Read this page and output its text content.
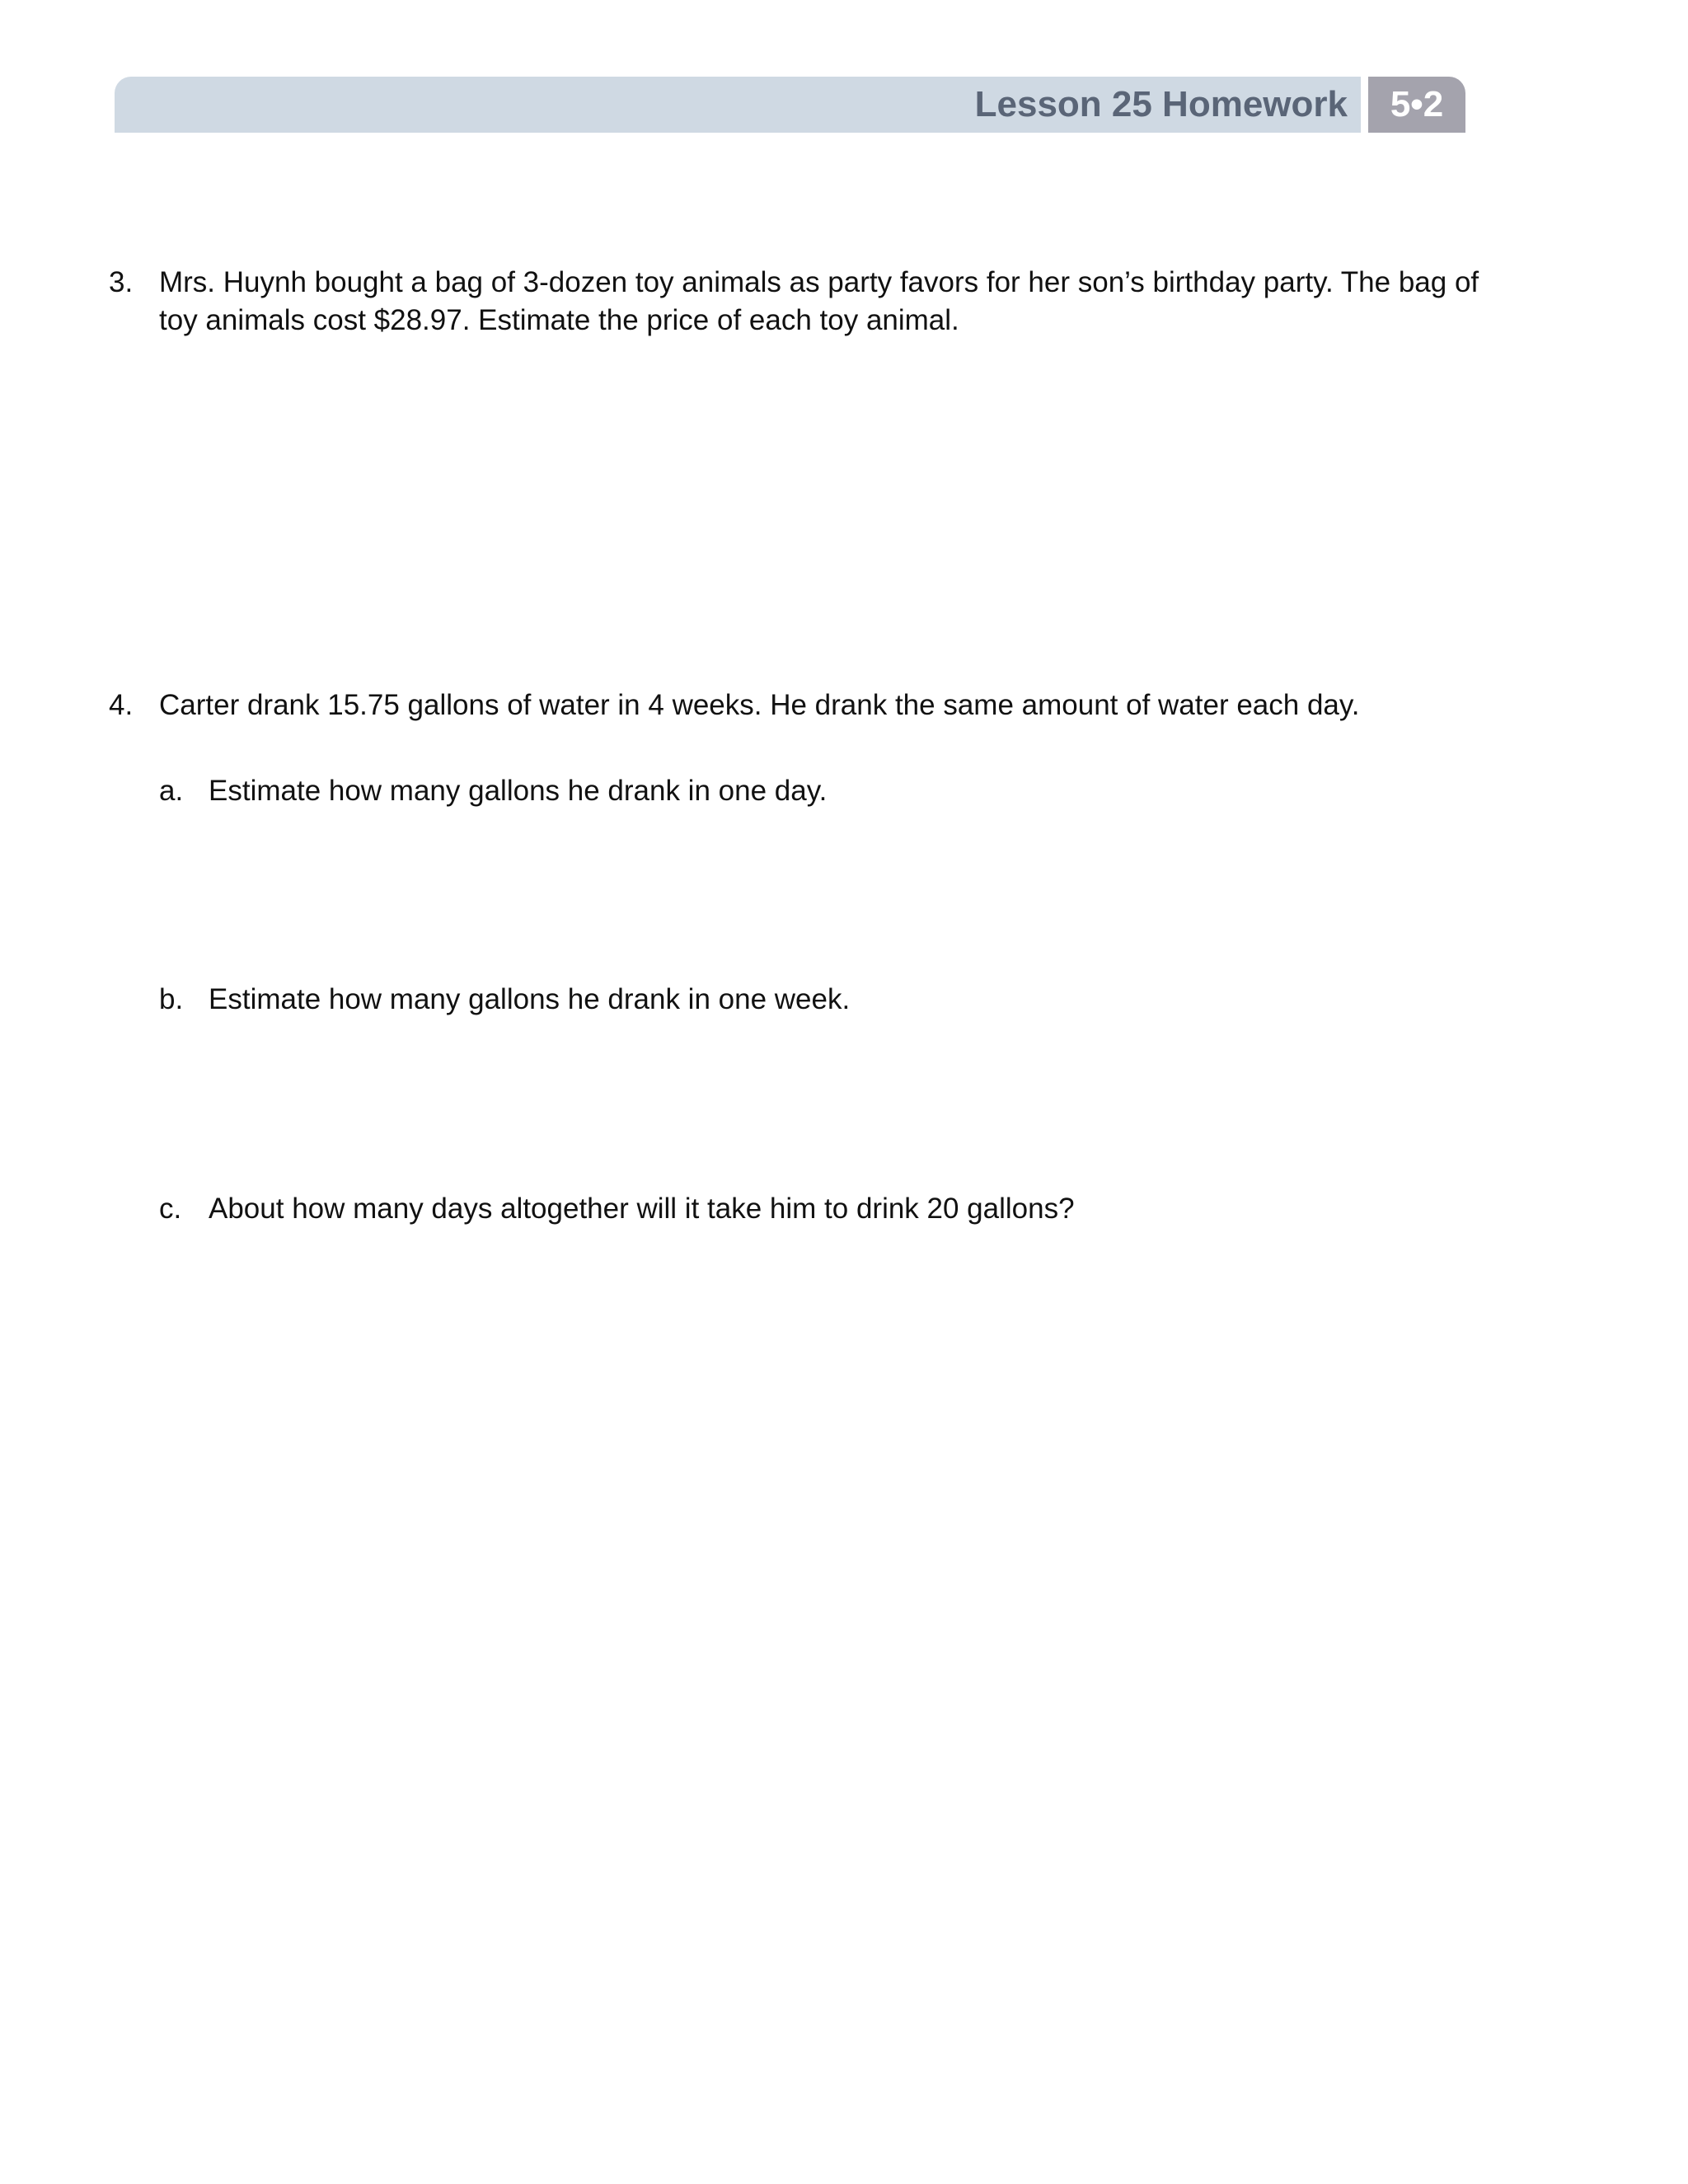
Lesson 25 Homework	5•2
3. Mrs. Huynh bought a bag of 3-dozen toy animals as party favors for her son’s birthday party. The bag of
toy animals cost $28.97. Estimate the price of each toy animal.
4. Carter drank 15.75 gallons of water in 4 weeks. He drank the same amount of water each day.
a. Estimate how many gallons he drank in one day.
b. Estimate how many gallons he drank in one week.
c. About how many days altogether will it take him to drink 20 gallons?
